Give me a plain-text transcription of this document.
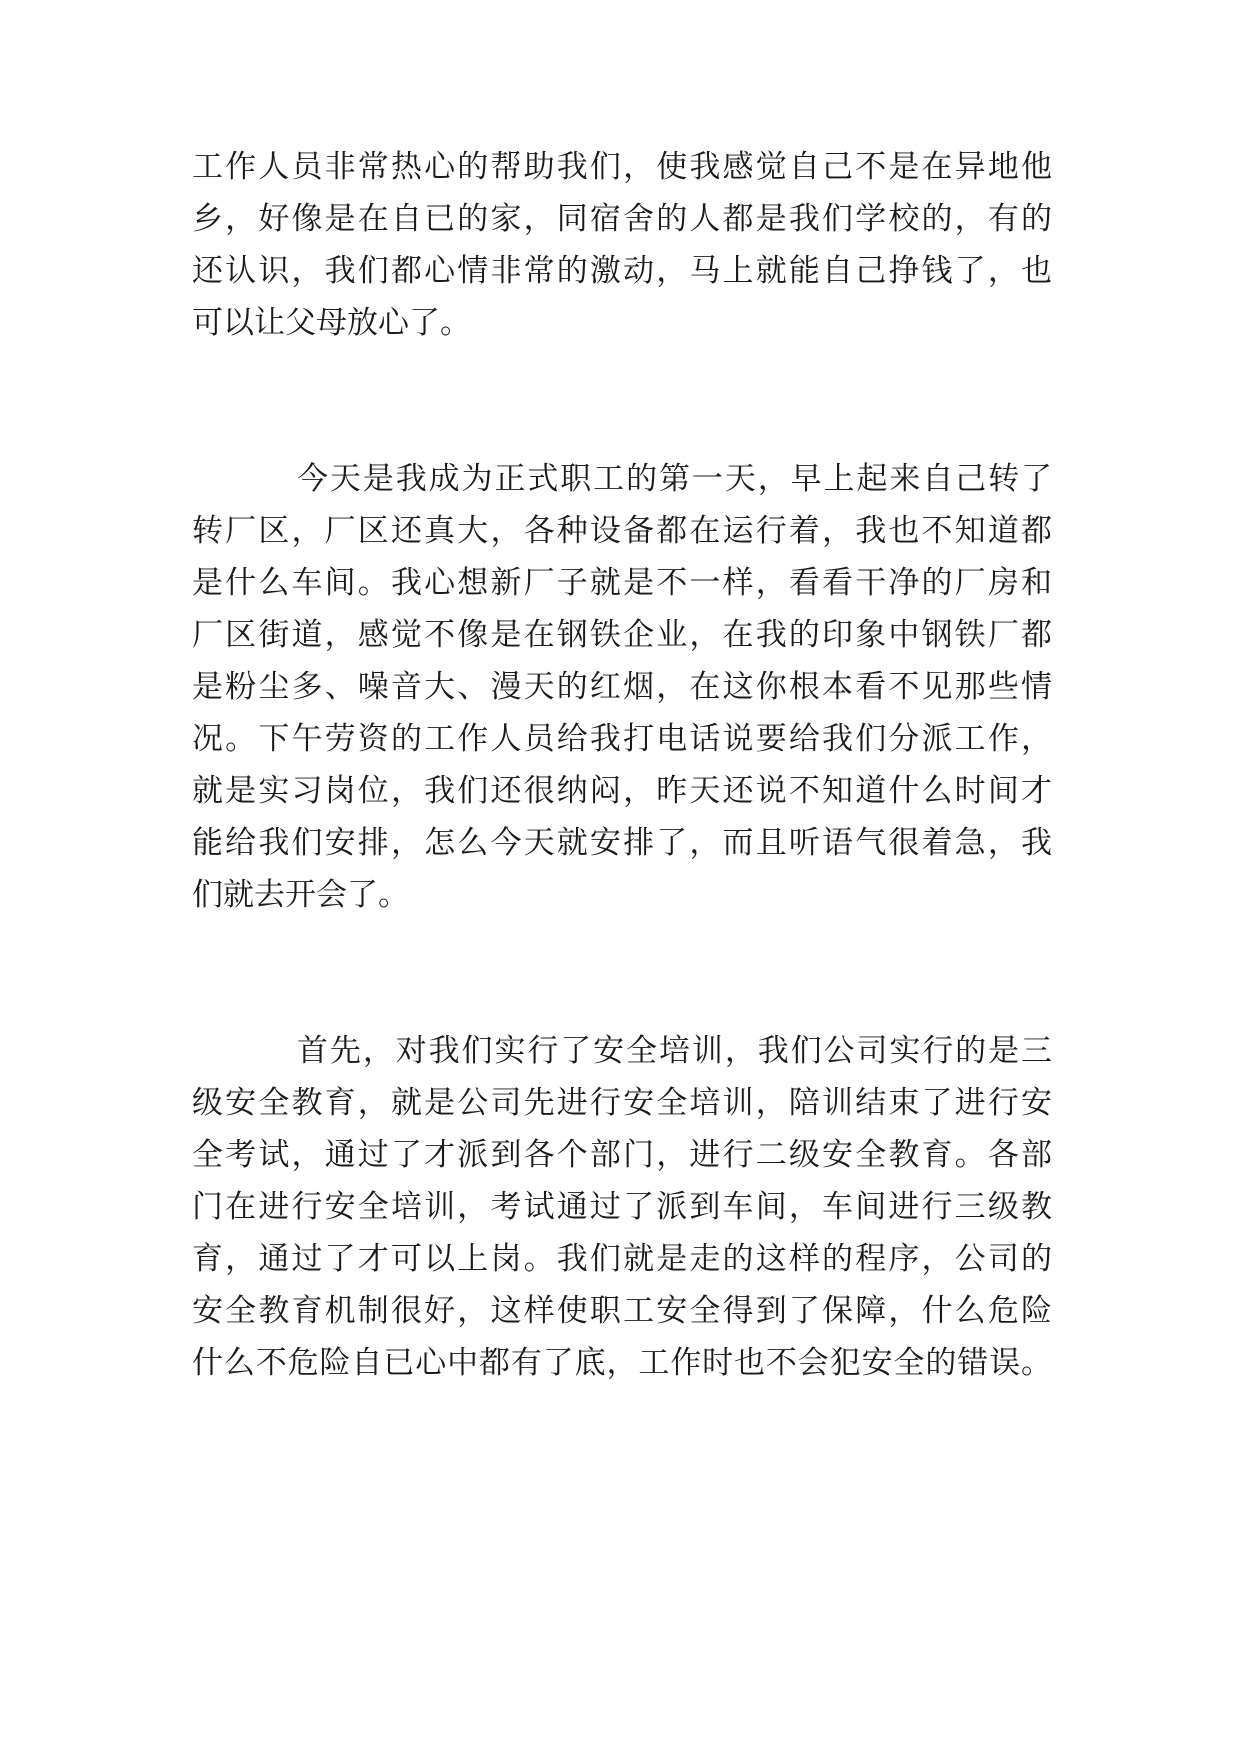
工作人员非常热心的帮助我们，使我感觉自己不是在异地他
乡，好像是在自已的家，同宿舍的人都是我们学校的，有的
还认识，我们都心情非常的激动，马上就能自己挣钱了，也
可以让父母放心了。
今天是我成为正式职工的第一天，早上起来自己转了
转厂区，厂区还真大，各种设备都在运行着，我也不知道都
是什么车间。我心想新厂子就是不一样，看看干净的厂房和
厂区街道，感觉不像是在钢铁企业，在我的印象中钢铁厂都
是粉尘多、噪音大、漫天的红烟，在这你根本看不见那些情
况。下午劳资的工作人员给我打电话说要给我们分派工作，
就是实习岗位，我们还很纳闷，昨天还说不知道什么时间才
能给我们安排，怎么今天就安排了，而且听语气很着急，我
们就去开会了。
首先，对我们实行了安全培训，我们公司实行的是三
级安全教育，就是公司先进行安全培训，陪训结束了进行安
全考试，通过了才派到各个部门，进行二级安全教育。各部
门在进行安全培训，考试通过了派到车间，车间进行三级教
育，通过了才可以上岗。我们就是走的这样的程序，公司的
安全教育机制很好，这样使职工安全得到了保障，什么危险
什么不危险自已心中都有了底，工作时也不会犯安全的错误。
